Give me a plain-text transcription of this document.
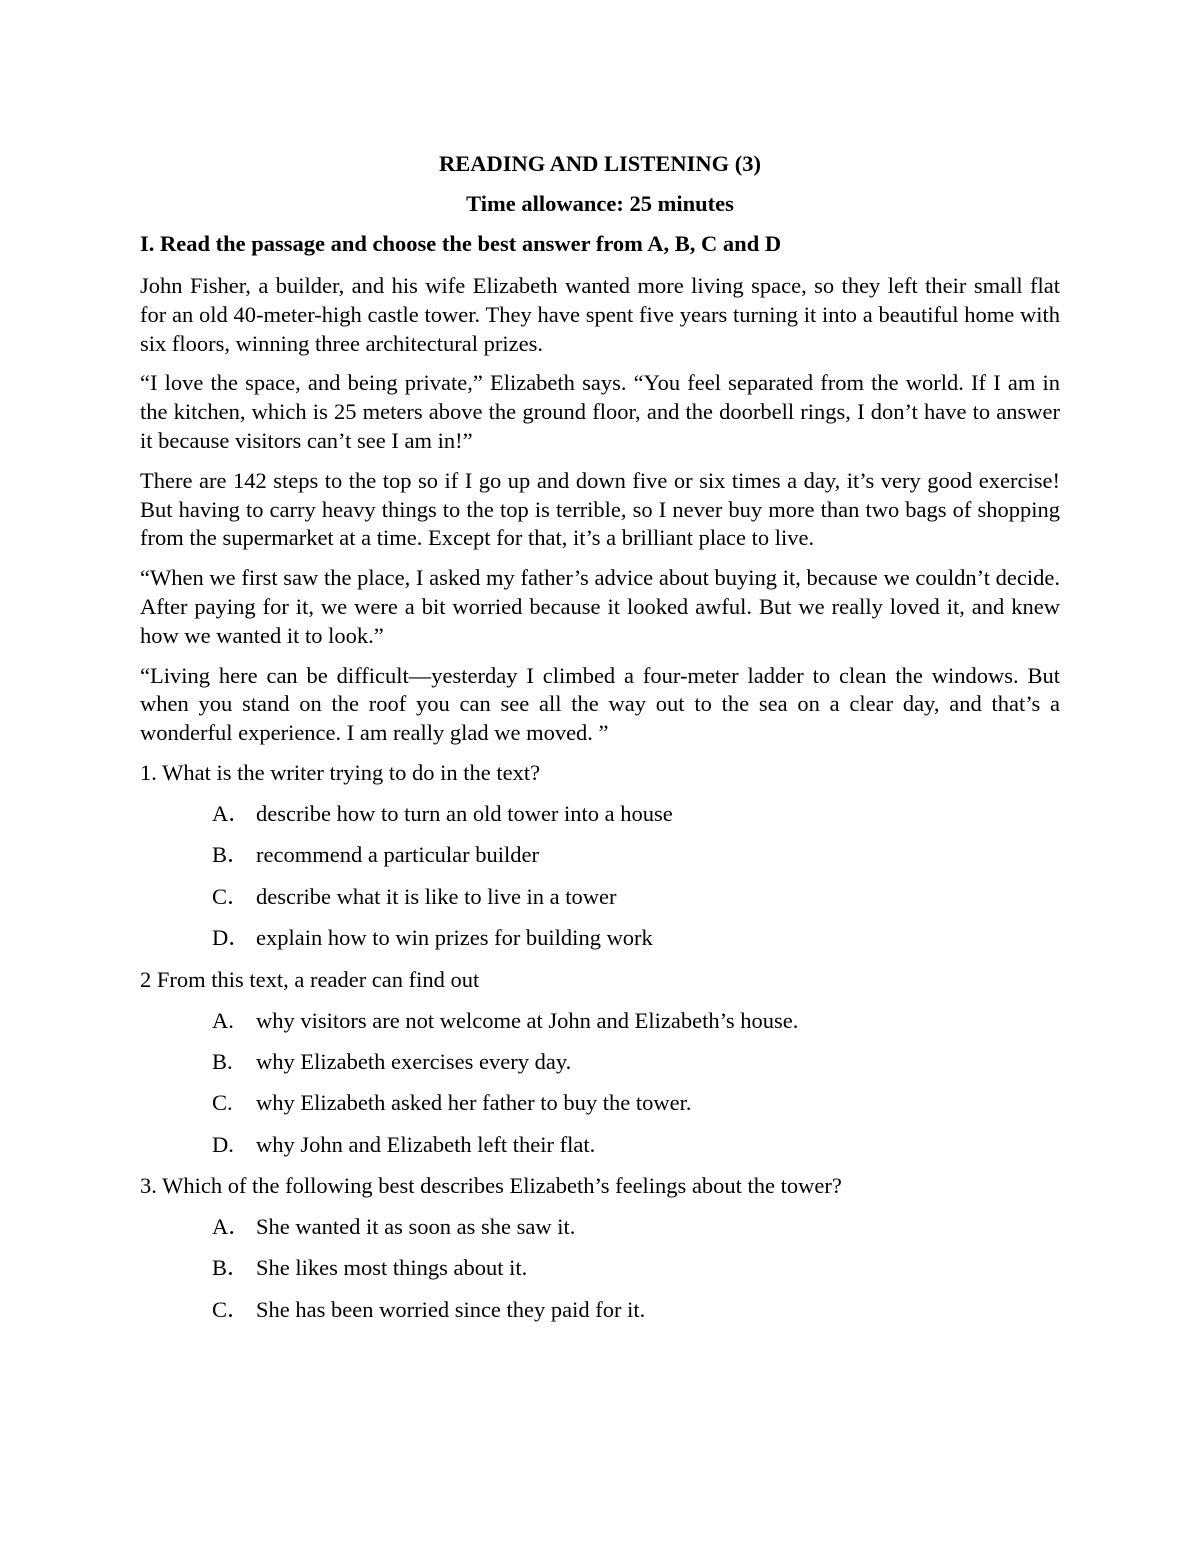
READING AND LISTENING (3)
Time allowance: 25 minutes
I. Read the passage and choose the best answer from A, B, C and D

John Fisher, a builder, and his wife Elizabeth wanted more living space, so they left their small flat for an old 40-meter-high castle tower. They have spent five years turning it into a beautiful home with six floors, winning three architectural prizes.

“I love the space, and being private,” Elizabeth says. “You feel separated from the world. If I am in the kitchen, which is 25 meters above the ground floor, and the doorbell rings, I don’t have to answer it because visitors can’t see I am in!”

There are 142 steps to the top so if I go up and down five or six times a day, it’s very good exercise! But having to carry heavy things to the top is terrible, so I never buy more than two bags of shopping from the supermarket at a time. Except for that, it’s a brilliant place to live.

“When we first saw the place, I asked my father’s advice about buying it, because we couldn’t decide. After paying for it, we were a bit worried because it looked awful. But we really loved it, and knew how we wanted it to look.”

“Living here can be difficult—yesterday I climbed a four-meter ladder to clean the windows. But when you stand on the roof you can see all the way out to the sea on a clear day, and that’s a wonderful experience. I am really glad we moved. ”

1. What is the writer trying to do in the text?
A． describe how to turn an old tower into a house
B． recommend a particular builder
C． describe what it is like to live in a tower
D． explain how to win prizes for building work
2 From this text, a reader can find out
A. why visitors are not welcome at John and Elizabeth’s house.
B.	why Elizabeth exercises every day.
C.	why Elizabeth asked her father to buy the tower.
D. why John and Elizabeth left their flat.
3. Which of the following best describes Elizabeth’s feelings about the tower?
A． She wanted it as soon as she saw it.
B． She likes most things about it.
C． She has been worried since they paid for it.
